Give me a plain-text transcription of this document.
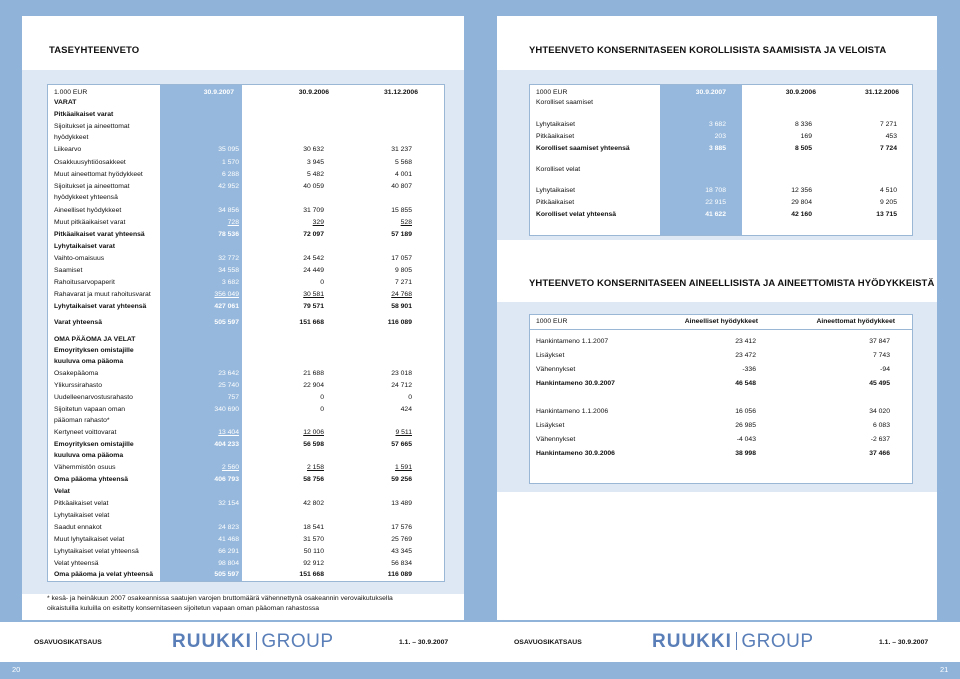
TASEYHTEENVETO
1.000 EUR	30.9.2007	30.9.2006	31.12.2006
VARAT
Pitkäaikaiset varat
Sijoitukset ja aineettomat
hyödykkeet
Liikearvo	35 095	30 632	31 237
Osakkuusyhtiöosakkeet	1 570	3 945	5 568
Muut aineettomat hyödykkeet	6 288	5 482	4 001
Sijoitukset ja aineettomat	42 952	40 059	40 807
hyödykkeet yhteensä
Aineelliset hyödykkeet	34 856	31 709	15 855
Muut pitkäaikaiset varat	728	329	528
Pitkäaikaiset varat yhteensä	78 536	72 097	57 189
Lyhytaikaiset varat
Vaihto-omaisuus	32 772	24 542	17 057
Saamiset	34 558	24 449	9 805
Rahoitusarvopaperit	3 682	0	7 271
Rahavarat ja muut rahoitusvarat	356 049	30 581	24 768
Lyhytaikaiset varat yhteensä	427 061	79 571	58 901
Varat yhteensä	505 597	151 668	116 089
OMA PÄÄOMA JA VELAT
Emoyrityksen omistajille
kuuluva oma pääoma
Osakepääoma	23 642	21 688	23 018
Ylikurssirahasto	25 740	22 904	24 712
Uudelleenarvostusrahasto	757	0	0
Sijoitetun vapaan oman	340 690	0	424
pääoman rahasto*
Kertyneet voittovarat	13 404	12 006	9 511
Emoyrityksen omistajille	404 233	56 598	57 665
kuuluva oma pääoma
Vähemmistön osuus	2 560	2 158	1 591
Oma pääoma yhteensä	406 793	58 756	59 256
Velat
Pitkäaikaiset velat	32 154	42 802	13 489
Lyhytaikaiset velat
Saadut ennakot	24 823	18 541	17 576
Muut lyhytaikaiset velat	41 468	31 570	25 769
Lyhytaikaiset velat yhteensä	66 291	50 110	43 345
Velat yhteensä	98 804	92 912	56 834
Oma pääoma ja velat yhteensä	505 597	151 668	116 089
* kesä- ja heinäkuun 2007 osakeannissa saatujen varojen bruttomäärä vähennettynä osakeannin verovaikutuksella
oikaistuilla kuluilla on esitetty konsernitaseen sijoitetun vapaan oman pääoman rahastossa
YHTEENVETO KONSERNITASEEN KOROLLISISTA SAAMISISTA JA VELOISTA
1000 EUR	30.9.2007	30.9.2006	31.12.2006
Korolliset saamiset
Lyhytaikaiset	3 682	8 336	7 271
Pitkäaikaiset	203	169	453
Korolliset saamiset yhteensä	3 885	8 505	7 724
Korolliset velat
Lyhytaikaiset	18 708	12 356	4 510
Pitkäaikaiset	22 915	29 804	9 205
Korolliset velat yhteensä	41 622	42 160	13 715
YHTEENVETO KONSERNITASEEN AINEELLISISTA JA AINEETTOMISTA HYÖDYKKEISTÄ
1000 EUR	Aineelliset hyödykkeet	Aineettomat hyödykkeet
Hankintameno 1.1.2007	23 412	37 847
Lisäykset	23 472	7 743
Vähennykset	-336	-94
Hankintameno 30.9.2007	46 548	45 495
Hankintameno 1.1.2006	16 056	34 020
Lisäykset	26 985	6 083
Vähennykset	-4 043	-2 637
Hankintameno 30.9.2006	38 998	37 466
OSAVUOSIKATSAUS	RUUKKI GROUP	1.1. – 30.9.2007	OSAVUOSIKATSAUS	RUUKKI GROUP	1.1. – 30.9.2007
20	21
